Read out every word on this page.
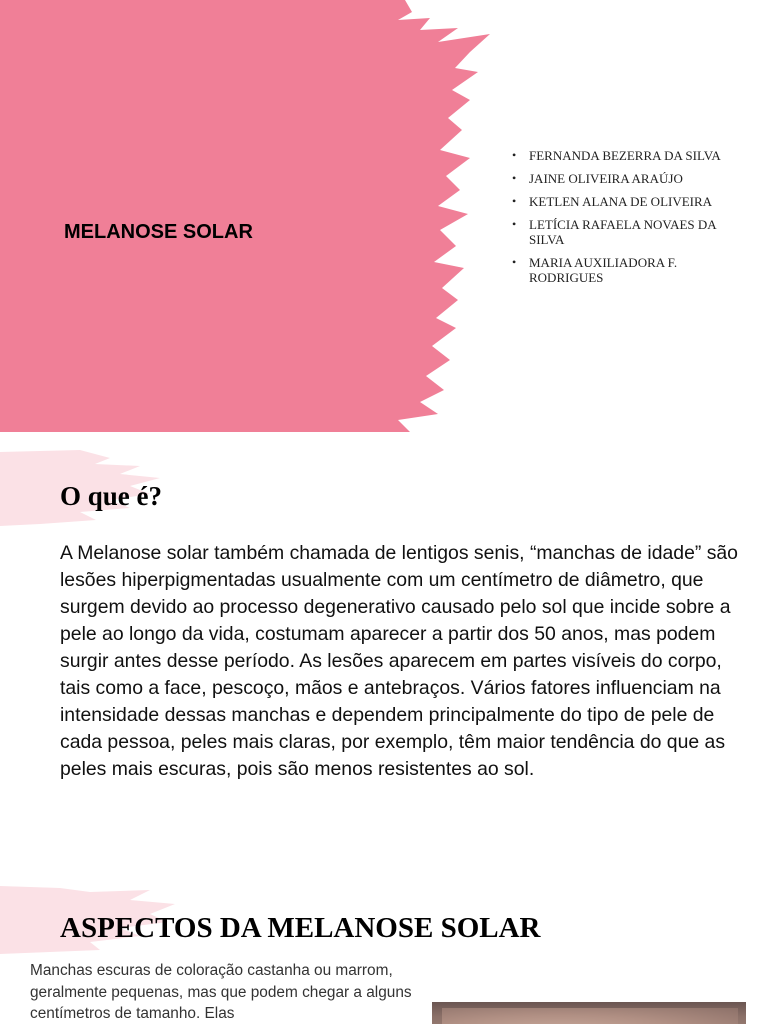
MELANOSE SOLAR
• FERNANDA BEZERRA DA SILVA
• JAINE OLIVEIRA ARAÚJO
• KETLEN ALANA DE OLIVEIRA
• LETÍCIA RAFAELA NOVAES DA SILVA
• MARIA AUXILIADORA F. RODRIGUES
O que é?

A Melanose solar também chamada de lentigos senis, “manchas de idade” são lesões hiperpigmentadas usualmente com um centímetro de diâmetro, que surgem devido ao processo degenerativo causado pelo sol que incide sobre a pele ao longo da vida, costumam aparecer a partir dos 50 anos, mas podem surgir antes desse período. As lesões aparecem em partes visíveis do corpo, tais como a face, pescoço, mãos e antebraços. Vários fatores influenciam na intensidade dessas manchas e dependem principalmente do tipo de pele de cada pessoa, peles mais claras, por exemplo, têm maior tendência do que as peles mais escuras, pois são menos resistentes ao sol.

ASPECTOS DA MELANOSE SOLAR

Manchas escuras de coloração castanha ou marrom, geralmente pequenas, mas que podem chegar a alguns centímetros de tamanho. Elas
